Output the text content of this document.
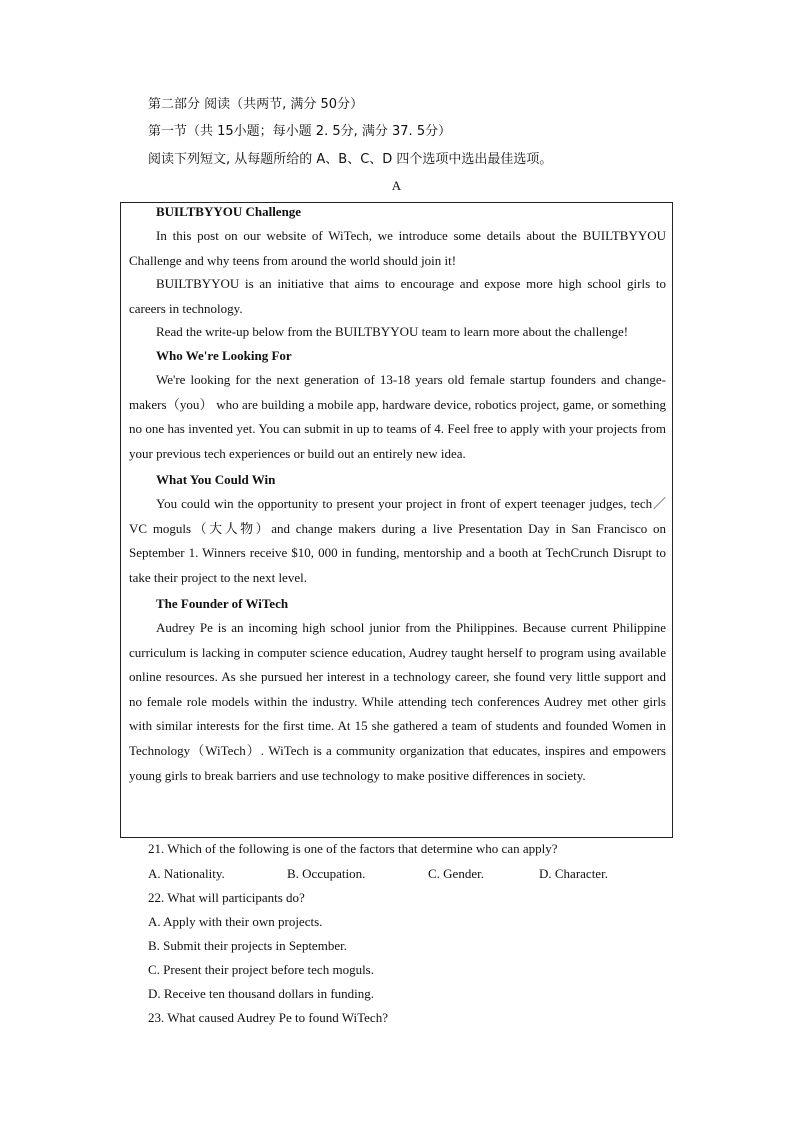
第二部分 阅读（共两节, 满分 50分）
第一节（共 15小题；每小题 2. 5分, 满分 37. 5分）
阅读下列短文, 从每题所给的 A、B、C、D 四个选项中选出最佳选项。
A
BUILTBYYOU Challenge

In this post on our website of WiTech, we introduce some details about the BUILTBYYOU Challenge and why teens from around the world should join it!

BUILTBYYOU is an initiative that aims to encourage and expose more high school girls to careers in technology.

Read the write-up below from the BUILTBYYOU team to learn more about the challenge!

Who We're Looking For

We're looking for the next generation of 13-18 years old female startup founders and change-makers（you） who are building a mobile app, hardware device, robotics project, game, or something no one has invented yet. You can submit in up to teams of 4. Feel free to apply with your projects from your previous tech experiences or build out an entirely new idea.

What You Could Win

You could win the opportunity to present your project in front of expert teenager judges, tech／VC moguls（大人物）and change makers during a live Presentation Day in San Francisco on September 1. Winners receive $10, 000 in funding, mentorship and a booth at TechCrunch Disrupt to take their project to the next level.

The Founder of WiTech

Audrey Pe is an incoming high school junior from the Philippines. Because current Philippine curriculum is lacking in computer science education, Audrey taught herself to program using available online resources. As she pursued her interest in a technology career, she found very little support and no female role models within the industry. While attending tech conferences Audrey met other girls with similar interests for the first time. At 15 she gathered a team of students and founded Women in Technology（WiTech）. WiTech is a community organization that educates, inspires and empowers young girls to break barriers and use technology to make positive differences in society.

21. Which of the following is one of the factors that determine who can apply?
A. Nationality.	B. Occupation.	C. Gender.	D. Character.
22. What will participants do?
A. Apply with their own projects.
B. Submit their projects in September.
C. Present their project before tech moguls.
D. Receive ten thousand dollars in funding.
23. What caused Audrey Pe to found WiTech?
